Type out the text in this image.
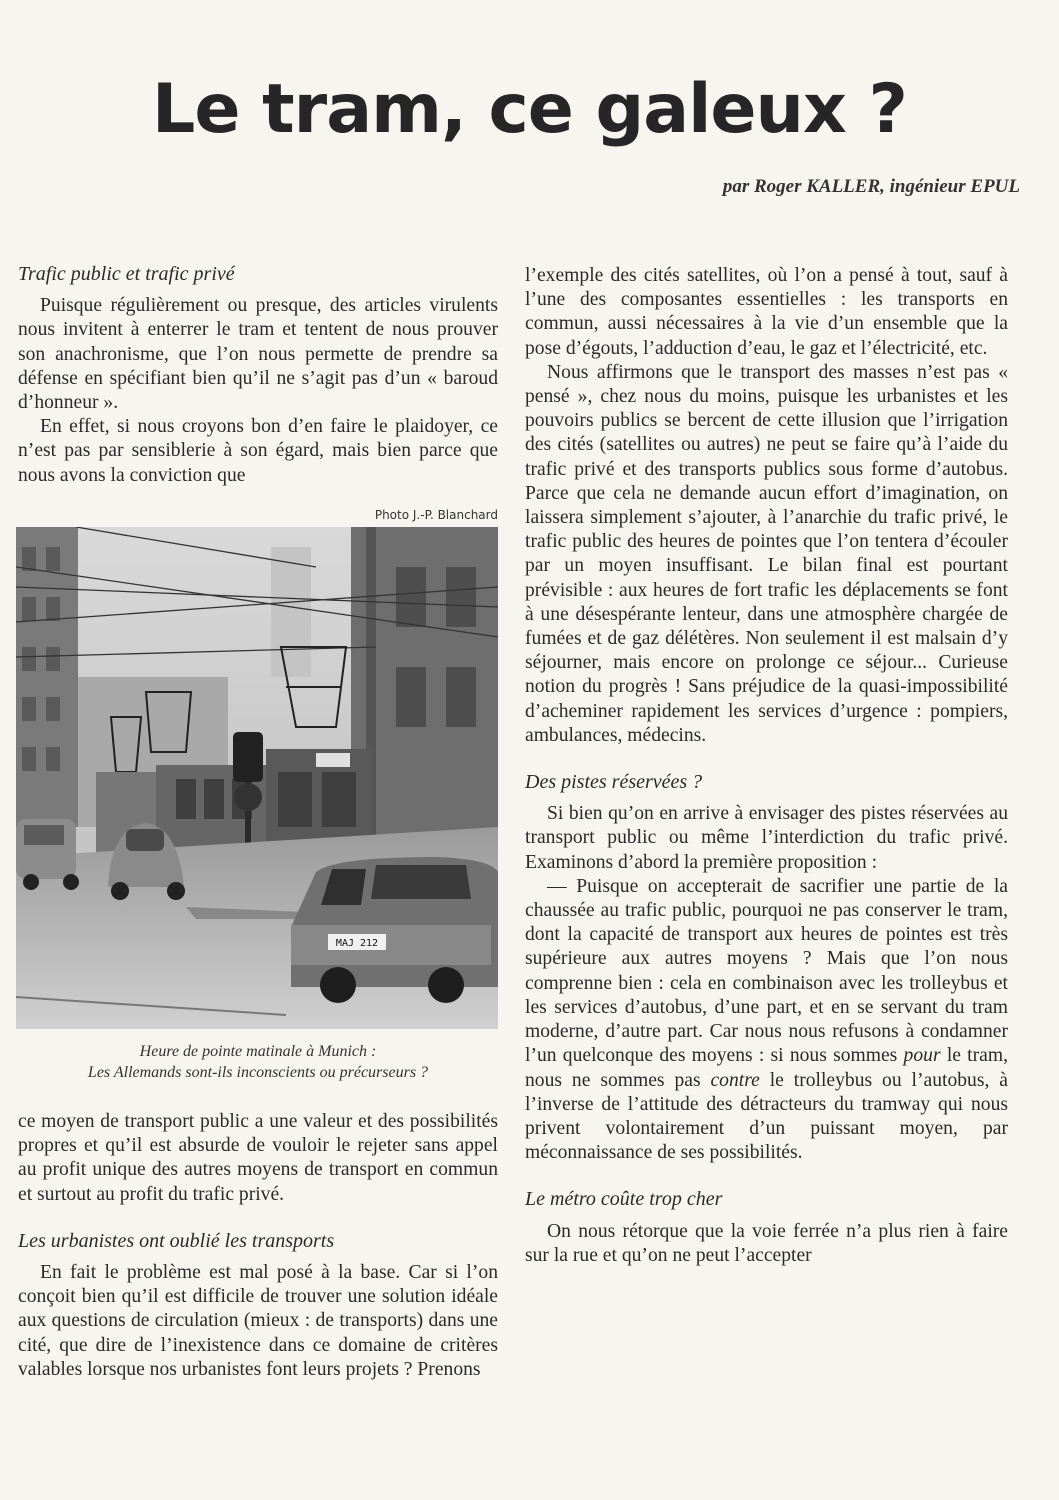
Le tram, ce galeux ?
par Roger KALLER, ingénieur EPUL
Trafic public et trafic privé

Puisque régulièrement ou presque, des articles virulents nous invitent à enterrer le tram et tentent de nous prouver son anachronisme, que l’on nous permette de prendre sa défense en spécifiant bien qu’il ne s’agit pas d’un « baroud d’honneur ».

En effet, si nous croyons bon d’en faire le plaidoyer, ce n’est pas par sensiblerie à son égard, mais bien parce que nous avons la conviction que

Photo J.-P. Blanchard
MAJ 212
Heure de pointe matinale à Munich :
Les Allemands sont-ils inconscients ou précurseurs ?

ce moyen de transport public a une valeur et des possibilités propres et qu’il est absurde de vouloir le rejeter sans appel au profit unique des autres moyens de transport en commun et surtout au profit du trafic privé.

Les urbanistes ont oublié les transports

En fait le problème est mal posé à la base. Car si l’on conçoit bien qu’il est difficile de trouver une solution idéale aux questions de circulation (mieux : de transports) dans une cité, que dire de l’inexistence dans ce domaine de critères valables lorsque nos urbanistes font leurs projets ? Prenons

l’exemple des cités satellites, où l’on a pensé à tout, sauf à l’une des composantes essentielles : les transports en commun, aussi nécessaires à la vie d’un ensemble que la pose d’égouts, l’adduction d’eau, le gaz et l’électricité, etc.

Nous affirmons que le transport des masses n’est pas « pensé », chez nous du moins, puisque les urbanistes et les pouvoirs publics se bercent de cette illusion que l’irrigation des cités (satellites ou autres) ne peut se faire qu’à l’aide du trafic privé et des transports publics sous forme d’autobus. Parce que cela ne demande aucun effort d’imagination, on laissera simplement s’ajouter, à l’anarchie du trafic privé, le trafic public des heures de pointes que l’on tentera d’écouler par un moyen insuffisant. Le bilan final est pourtant prévisible : aux heures de fort trafic les déplacements se font à une désespérante lenteur, dans une atmosphère chargée de fumées et de gaz délétères. Non seulement il est malsain d’y séjourner, mais encore on prolonge ce séjour... Curieuse notion du progrès ! Sans préjudice de la quasi-impossibilité d’acheminer rapidement les services d’urgence : pompiers, ambulances, médecins.

Des pistes réservées ?

Si bien qu’on en arrive à envisager des pistes réservées au transport public ou même l’interdiction du trafic privé. Examinons d’abord la première proposition :

— Puisque on accepterait de sacrifier une partie de la chaussée au trafic public, pourquoi ne pas conserver le tram, dont la capacité de transport aux heures de pointes est très supérieure aux autres moyens ? Mais que l’on nous comprenne bien : cela en combinaison avec les trolleybus et les services d’autobus, d’une part, et en se servant du tram moderne, d’autre part. Car nous nous refusons à condamner l’un quelconque des moyens : si nous sommes pour le tram, nous ne sommes pas contre le trolleybus ou l’autobus, à l’inverse de l’attitude des détracteurs du tramway qui nous privent volontairement d’un puissant moyen, par méconnaissance de ses possibilités.

Le métro coûte trop cher

On nous rétorque que la voie ferrée n’a plus rien à faire sur la rue et qu’on ne peut l’accepter
